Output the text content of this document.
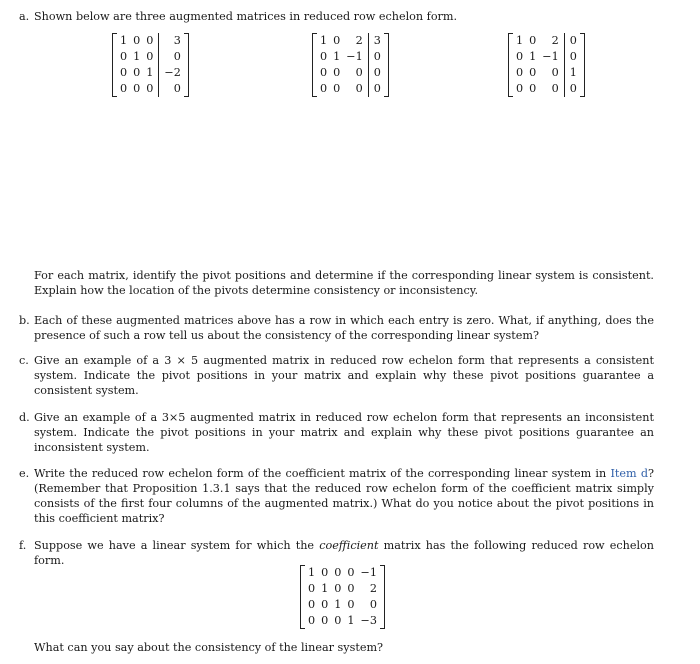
a. Shown below are three augmented matrices in reduced row echelon form.
1	0	0	3
0	1	0	0
0	0	1	−2
0	0	0	0
1	0	2	3
0	1	−1	0
0	0	0	0
0	0	0	0
1	0	2	0
0	1	−1	0
0	0	0	1
0	0	0	0
For each matrix, identify the pivot positions and determine if the corresponding linear system is consistent. Explain how the location of the pivots determine consistency or inconsistency.
b. Each of these augmented matrices above has a row in which each entry is zero. What, if anything, does the presence of such a row tell us about the consistency of the corresponding linear system?
c. Give an example of a 3 × 5 augmented matrix in reduced row echelon form that represents a consistent system. Indicate the pivot positions in your matrix and explain why these pivot positions guarantee a consistent system.
d. Give an example of a 3×5 augmented matrix in reduced row echelon form that represents an inconsistent system. Indicate the pivot positions in your matrix and explain why these pivot positions guarantee an inconsistent system.
e. Write the reduced row echelon form of the coefficient matrix of the corresponding linear system in Item d? (Remember that Proposition 1.3.1 says that the reduced row echelon form of the coefficient matrix simply consists of the first four columns of the augmented matrix.) What do you notice about the pivot positions in this coefficient matrix?
f. Suppose we have a linear system for which the coefficient matrix has the following reduced row echelon form.
1	0	0	0	−1
0	1	0	0	2
0	0	1	0	0
0	0	0	1	−3
What can you say about the consistency of the linear system?
